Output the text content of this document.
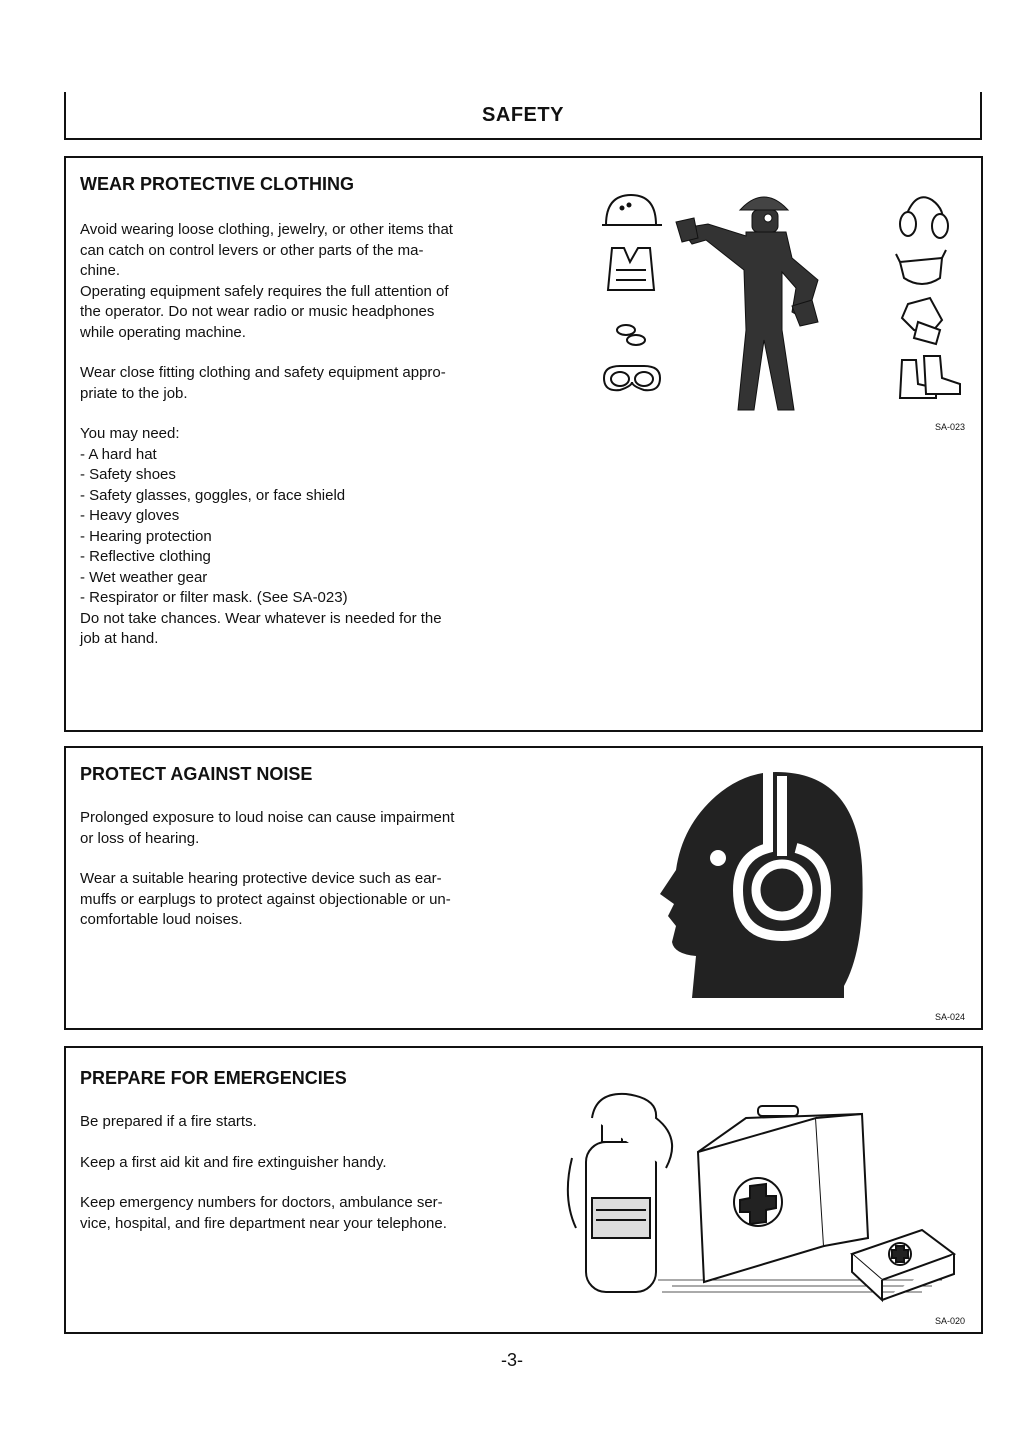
SAFETY
WEAR PROTECTIVE CLOTHING

Avoid wearing loose clothing, jewelry, or other items that

can catch on control levers or other parts of the ma-

chine.

Operating equipment safely requires the full attention of

the operator. Do not wear radio or music headphones

while operating machine.

Wear close fitting clothing and safety equipment appro-

priate to the job.

You may need:

- A hard hat

- Safety shoes

- Safety glasses, goggles, or face shield

- Heavy gloves

- Hearing protection

- Reflective clothing

- Wet weather gear

- Respirator or filter mask. (See SA-023)

Do not take chances. Wear whatever is needed for the

job at hand.

SA-023
PROTECT AGAINST NOISE

Prolonged exposure to loud noise can cause impairment

or loss of hearing.

Wear a suitable hearing protective device such as ear-

muffs or earplugs to protect against objectionable or un-

comfortable loud noises.

SA-024
PREPARE FOR EMERGENCIES

Be prepared if a fire starts.

Keep a first aid kit and fire extinguisher handy.

Keep emergency numbers for doctors, ambulance ser-

vice, hospital, and fire department near your telephone.

SA-020
-3-
